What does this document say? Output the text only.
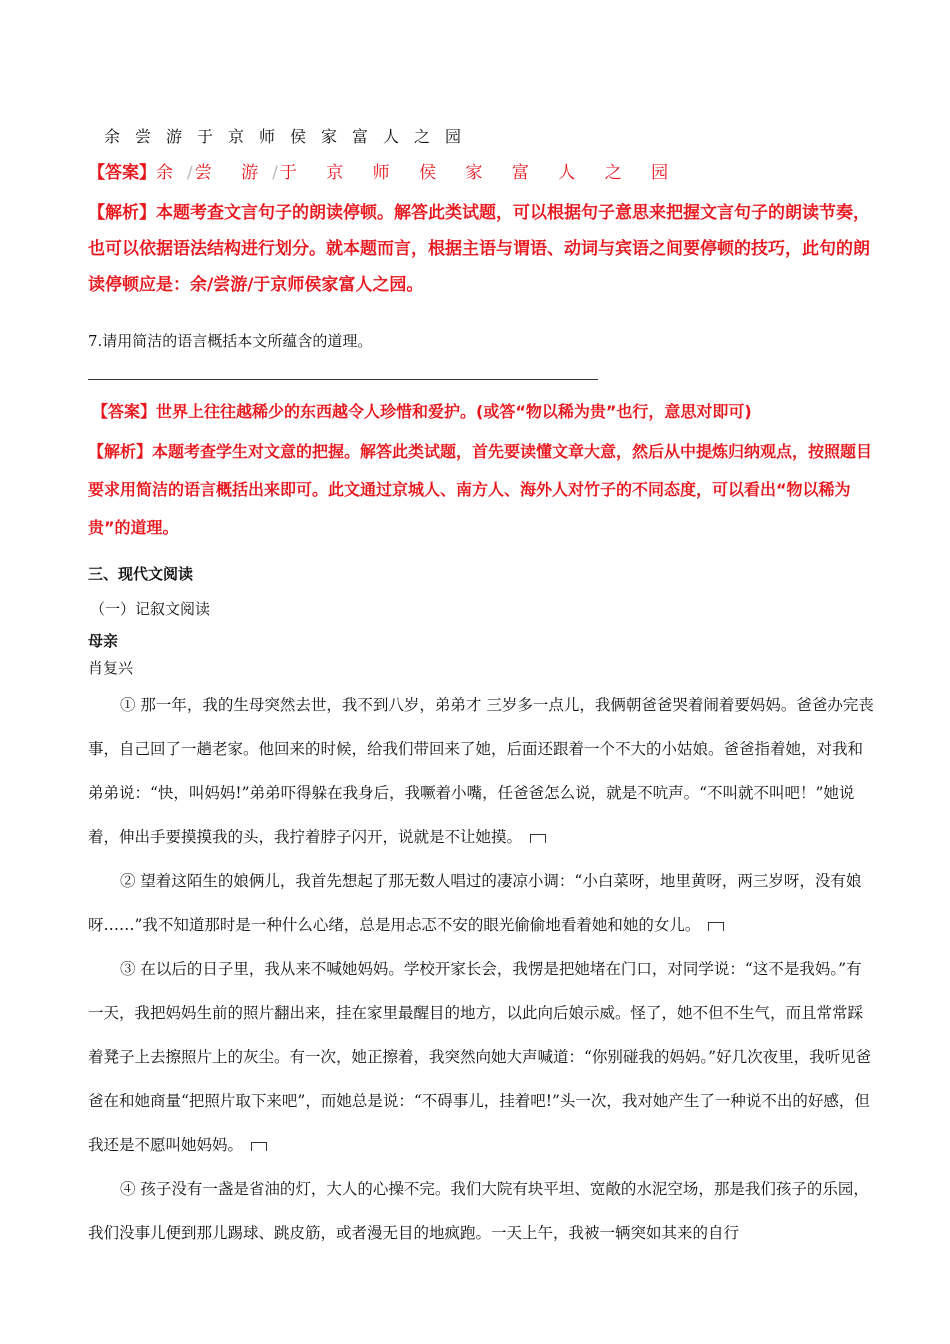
余尝游于京师侯家富人之园
【答案】余 / 尝 游 / 于 京 师 侯 家 富 人 之 园
【解析】本题考查文言句子的朗读停顿。解答此类试题，可以根据句子意思来把握文言句子的朗读节奏，也可以依据语法结构进行划分。就本题而言，根据主语与谓语、动词与宾语之间要停顿的技巧，此句的朗读停顿应是：余/尝游/于京师侯家富人之园。
7.请用简洁的语言概括本文所蕴含的道理。
【答案】世界上往往越稀少的东西越令人珍惜和爱护。(或答“物以稀为贵”也行，意思对即可)
【解析】本题考查学生对文意的把握。解答此类试题，首先要读懂文章大意，然后从中提炼归纳观点，按照题目要求用简洁的语言概括出来即可。此文通过京城人、南方人、海外人对竹子的不同态度，可以看出“物以稀为贵”的道理。
三、现代文阅读
（一）记叙文阅读
母亲
肖复兴

① 那一年，我的生母突然去世，我不到八岁，弟弟才 三岁多一点儿，我俩朝爸爸哭着闹着要妈妈。爸爸办完丧事，自己回了一趟老家。他回来的时候，给我们带回来了她，后面还跟着一个不大的小姑娘。爸爸指着她，对我和弟弟说：“快，叫妈妈!”弟弟吓得躲在我身后，我噘着小嘴，任爸爸怎么说，就是不吭声。“不叫就不叫吧！”她说着，伸出手要摸摸我的头，我拧着脖子闪开，说就是不让她摸。

② 望着这陌生的娘俩儿，我首先想起了那无数人唱过的凄凉小调：“小白菜呀，地里黄呀，两三岁呀，没有娘呀……”我不知道那时是一种什么心绪，总是用忐忑不安的眼光偷偷地看着她和她的女儿。

③ 在以后的日子里，我从来不喊她妈妈。学校开家长会，我愣是把她堵在门口，对同学说：“这不是我妈。”有一天，我把妈妈生前的照片翻出来，挂在家里最醒目的地方，以此向后娘示威。怪了，她不但不生气，而且常常踩着凳子上去擦照片上的灰尘。有一次，她正擦着，我突然向她大声喊道：“你别碰我的妈妈。”好几次夜里，我听见爸爸在和她商量“把照片取下来吧”，而她总是说：“不碍事儿，挂着吧!”头一次，我对她产生了一种说不出的好感，但我还是不愿叫她妈妈。

④ 孩子没有一盏是省油的灯，大人的心操不完。我们大院有块平坦、宽敞的水泥空场，那是我们孩子的乐园，我们没事儿便到那儿踢球、跳皮筋，或者漫无目的地疯跑。一天上午，我被一辆突如其来的自行
